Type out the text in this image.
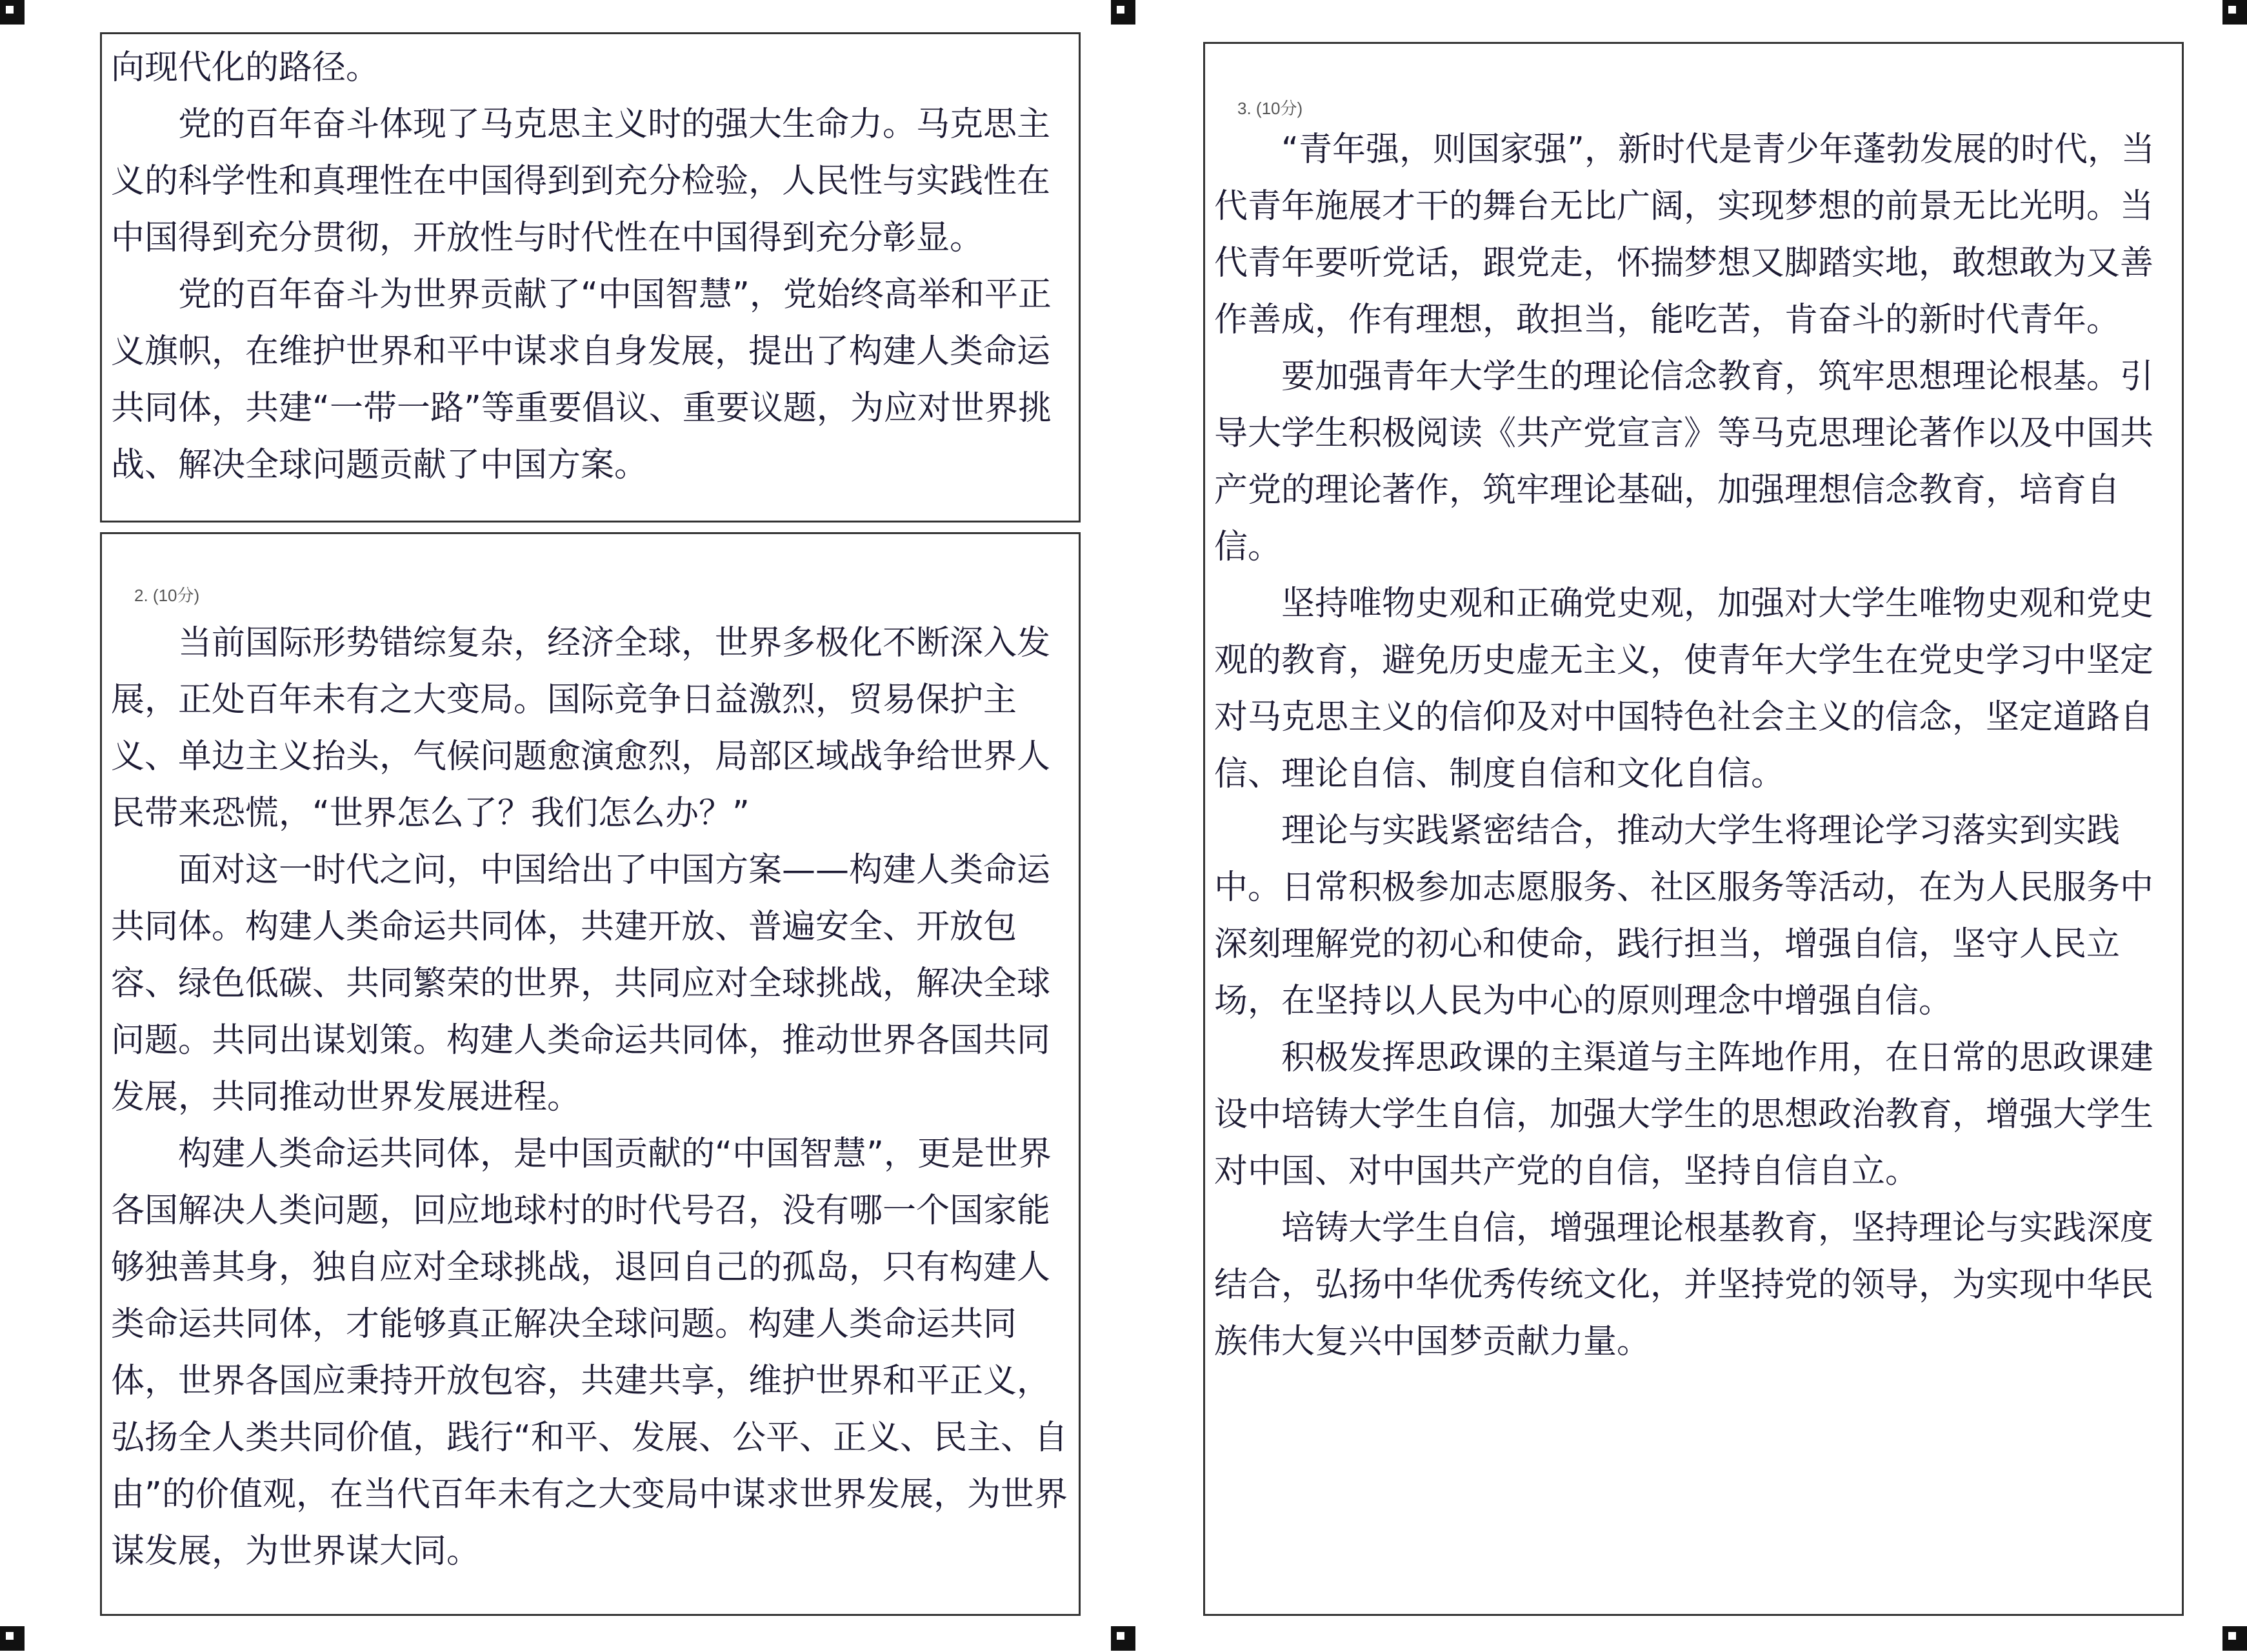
向现代化的路径。

党的百年奋斗体现了马克思主义时的强大生命力。马克思主义的科学性和真理性在中国得到到充分检验，人民性与实践性在中国得到充分贯彻，开放性与时代性在中国得到充分彰显。

党的百年奋斗为世界贡献了“中国智慧”，党始终高举和平正义旗帜，在维护世界和平中谋求自身发展，提出了构建人类命运共同体，共建“一带一路”等重要倡议、重要议题，为应对世界挑战、解决全球问题贡献了中国方案。

2. (10分)

当前国际形势错综复杂，经济全球，世界多极化不断深入发展，正处百年未有之大变局。国际竞争日益激烈，贸易保护主义、单边主义抬头，气候问题愈演愈烈，局部区域战争给世界人民带来恐慌，“世界怎么了？我们怎么办？”

面对这一时代之问，中国给出了中国方案——构建人类命运共同体。构建人类命运共同体，共建开放、普遍安全、开放包容、绿色低碳、共同繁荣的世界，共同应对全球挑战，解决全球问题。共同出谋划策。构建人类命运共同体，推动世界各国共同发展，共同推动世界发展进程。

构建人类命运共同体，是中国贡献的“中国智慧”，更是世界各国解决人类问题，回应地球村的时代号召，没有哪一个国家能够独善其身，独自应对全球挑战，退回自己的孤岛，只有构建人类命运共同体，才能够真正解决全球问题。构建人类命运共同体，世界各国应秉持开放包容，共建共享，维护世界和平正义，弘扬全人类共同价值，践行“和平、发展、公平、正义、民主、自由”的价值观，在当代百年未有之大变局中谋求世界发展，为世界谋发展，为世界谋大同。

3. (10分)

“青年强，则国家强”，新时代是青少年蓬勃发展的时代，当代青年施展才干的舞台无比广阔，实现梦想的前景无比光明。当代青年要听党话，跟党走，怀揣梦想又脚踏实地，敢想敢为又善作善成，作有理想，敢担当，能吃苦，肯奋斗的新时代青年。

要加强青年大学生的理论信念教育，筑牢思想理论根基。引导大学生积极阅读《共产党宣言》等马克思理论著作以及中国共产党的理论著作，筑牢理论基础，加强理想信念教育，培育自信。

坚持唯物史观和正确党史观，加强对大学生唯物史观和党史观的教育，避免历史虚无主义，使青年大学生在党史学习中坚定对马克思主义的信仰及对中国特色社会主义的信念，坚定道路自信、理论自信、制度自信和文化自信。

理论与实践紧密结合，推动大学生将理论学习落实到实践中。日常积极参加志愿服务、社区服务等活动，在为人民服务中深刻理解党的初心和使命，践行担当，增强自信，坚守人民立场，在坚持以人民为中心的原则理念中增强自信。

积极发挥思政课的主渠道与主阵地作用，在日常的思政课建设中培铸大学生自信，加强大学生的思想政治教育，增强大学生对中国、对中国共产党的自信，坚持自信自立。

培铸大学生自信，增强理论根基教育，坚持理论与实践深度结合，弘扬中华优秀传统文化，并坚持党的领导，为实现中华民族伟大复兴中国梦贡献力量。
